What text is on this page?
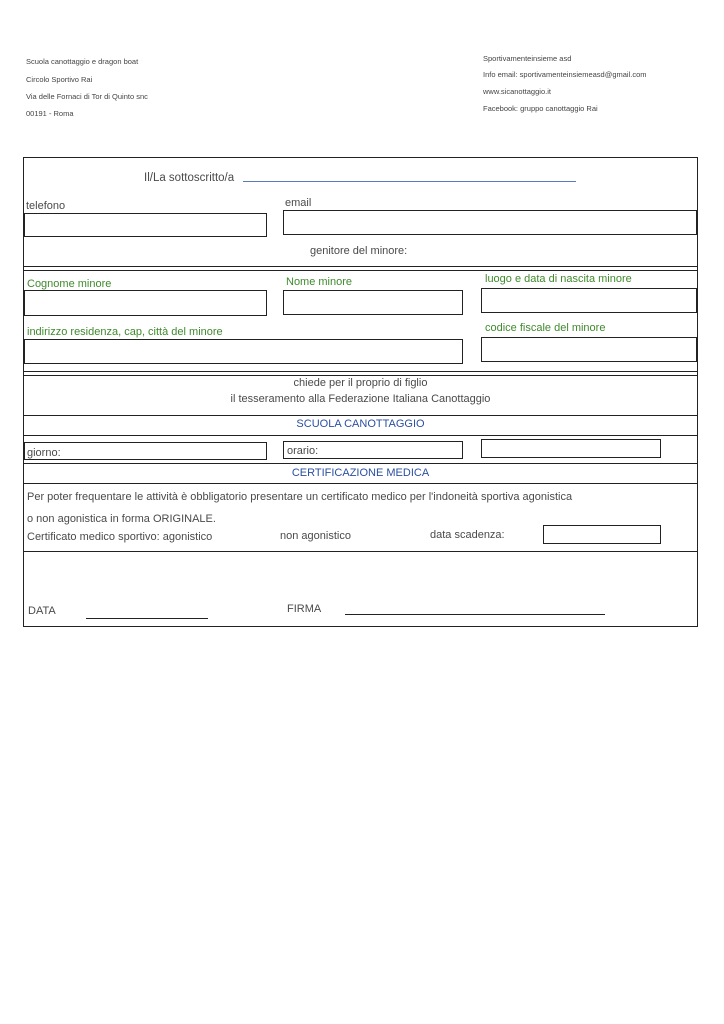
Scuola canottaggio e dragon boat
Circolo Sportivo Rai
Via delle Fornaci di Tor di Quinto snc
00191 - Roma
Sportivamenteinsieme asd
Info email: sportivamenteinsiemeasd@gmail.com
www.sicanottaggio.it
Facebook: gruppo canottaggio Rai
Il/La sottoscritto/a
telefono	email
genitore del minore:
Cognome minore	Nome minore	luogo e data di nascita minore
indirizzo residenza, cap, città del minore	codice fiscale del minore
chiede per il proprio di figlio
il tesseramento alla Federazione Italiana Canottaggio
SCUOLA CANOTTAGGIO
giorno:	orario:
CERTIFICAZIONE MEDICA
Per poter frequentare le attività è obbligatorio presentare un certificato medico per l'indoneità sportiva agonistica
o non agonistica in forma ORIGINALE.
Certificato medico sportivo: agonistico	non agonistico	data scadenza:
DATA	FIRMA
